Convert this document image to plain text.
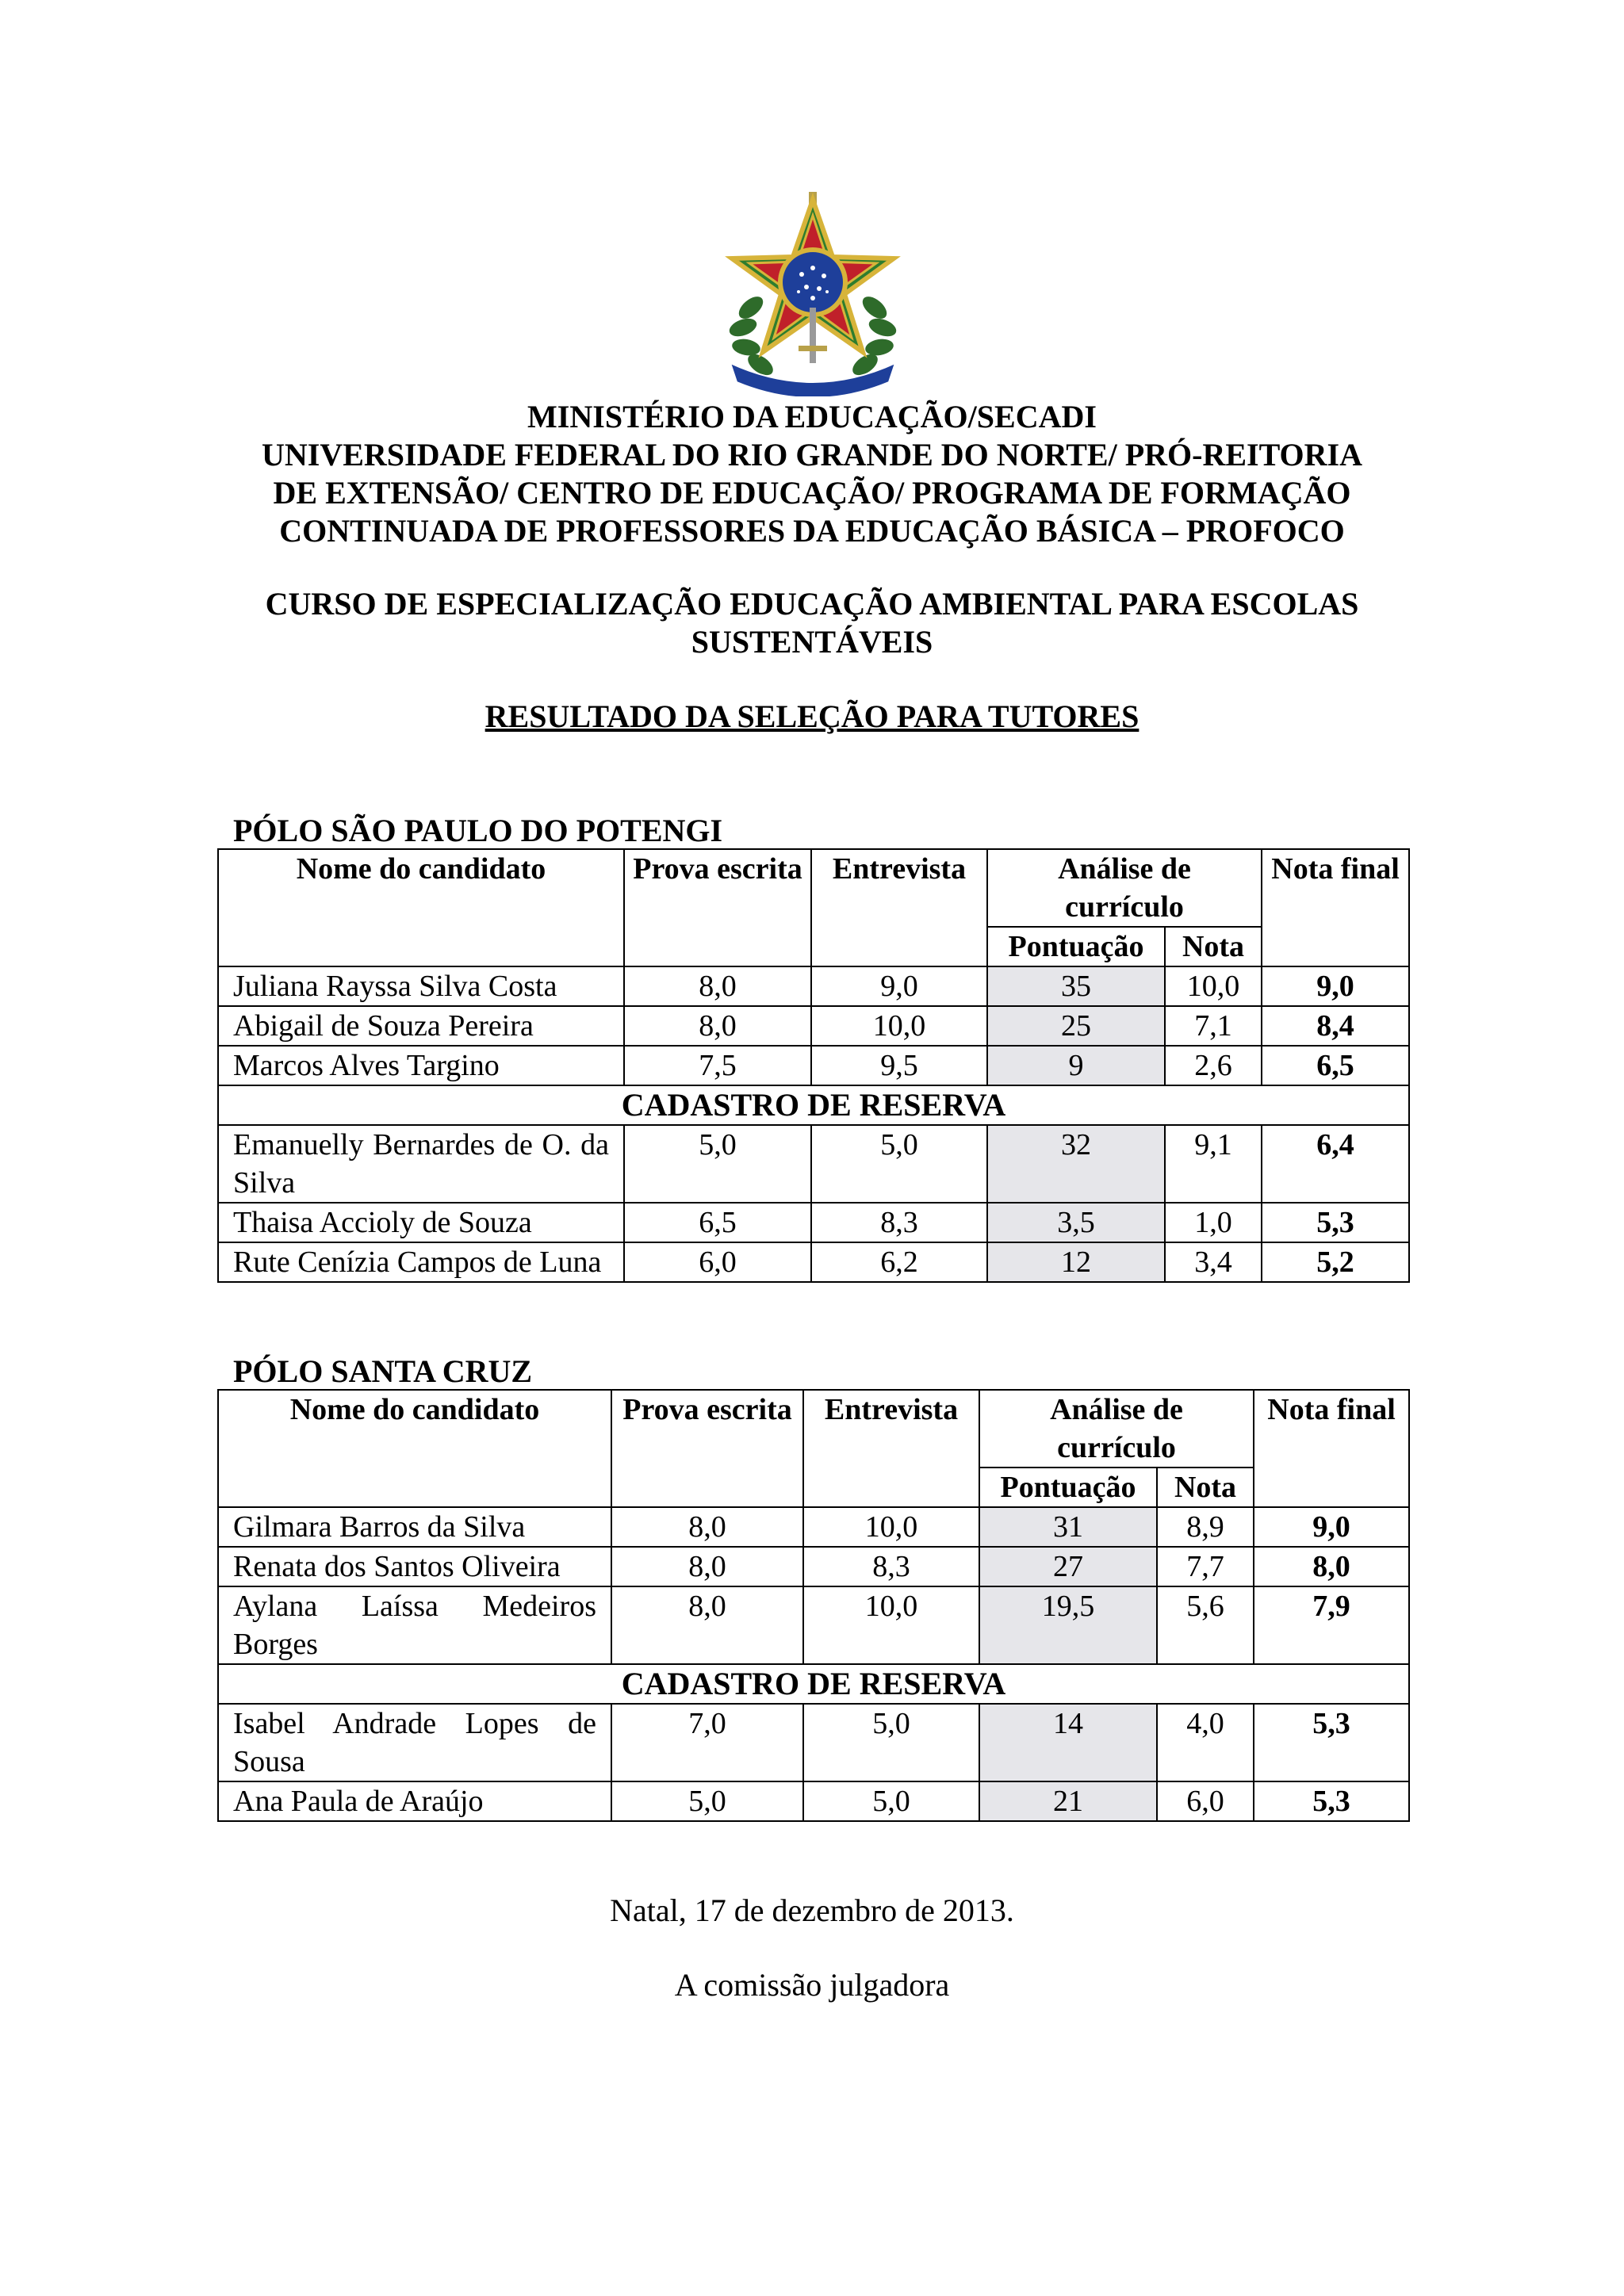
MINISTÉRIO DA EDUCAÇÃO/SECADI
UNIVERSIDADE FEDERAL DO RIO GRANDE DO NORTE/ PRÓ-REITORIA
DE EXTENSÃO/ CENTRO DE EDUCAÇÃO/ PROGRAMA DE FORMAÇÃO
CONTINUADA DE PROFESSORES DA EDUCAÇÃO BÁSICA – PROFOCO
CURSO DE ESPECIALIZAÇÃO EDUCAÇÃO AMBIENTAL PARA ESCOLAS
SUSTENTÁVEIS
RESULTADO DA SELEÇÃO PARA TUTORES
PÓLO SÃO PAULO DO POTENGI
Nome do candidato	Prova escrita	Entrevista	Análise de currículo		Nota final
			Pontuação	Nota	
Juliana Rayssa Silva Costa	8,0	9,0	35	10,0	9,0
Abigail de Souza Pereira	8,0	10,0	25	7,1	8,4
Marcos Alves Targino	7,5	9,5	9	2,6	6,5
CADASTRO DE RESERVA					
Emanuelly Bernardes de O. da Silva	5,0	5,0	32	9,1	6,4
Thaisa Accioly de Souza	6,5	8,3	3,5	1,0	5,3
Rute Cenízia Campos de Luna	6,0	6,2	12	3,4	5,2
PÓLO SANTA CRUZ
Nome do candidato	Prova escrita	Entrevista	Análise de currículo		Nota final
			Pontuação	Nota	
Gilmara Barros da Silva	8,0	10,0	31	8,9	9,0
Renata dos Santos Oliveira	8,0	8,3	27	7,7	8,0
Aylana Laíssa Medeiros Borges	8,0	10,0	19,5	5,6	7,9
CADASTRO DE RESERVA					
Isabel Andrade Lopes de Sousa	7,0	5,0	14	4,0	5,3
Ana Paula de Araújo	5,0	5,0	21	6,0	5,3
Natal, 17 de dezembro de 2013.
A comissão julgadora
